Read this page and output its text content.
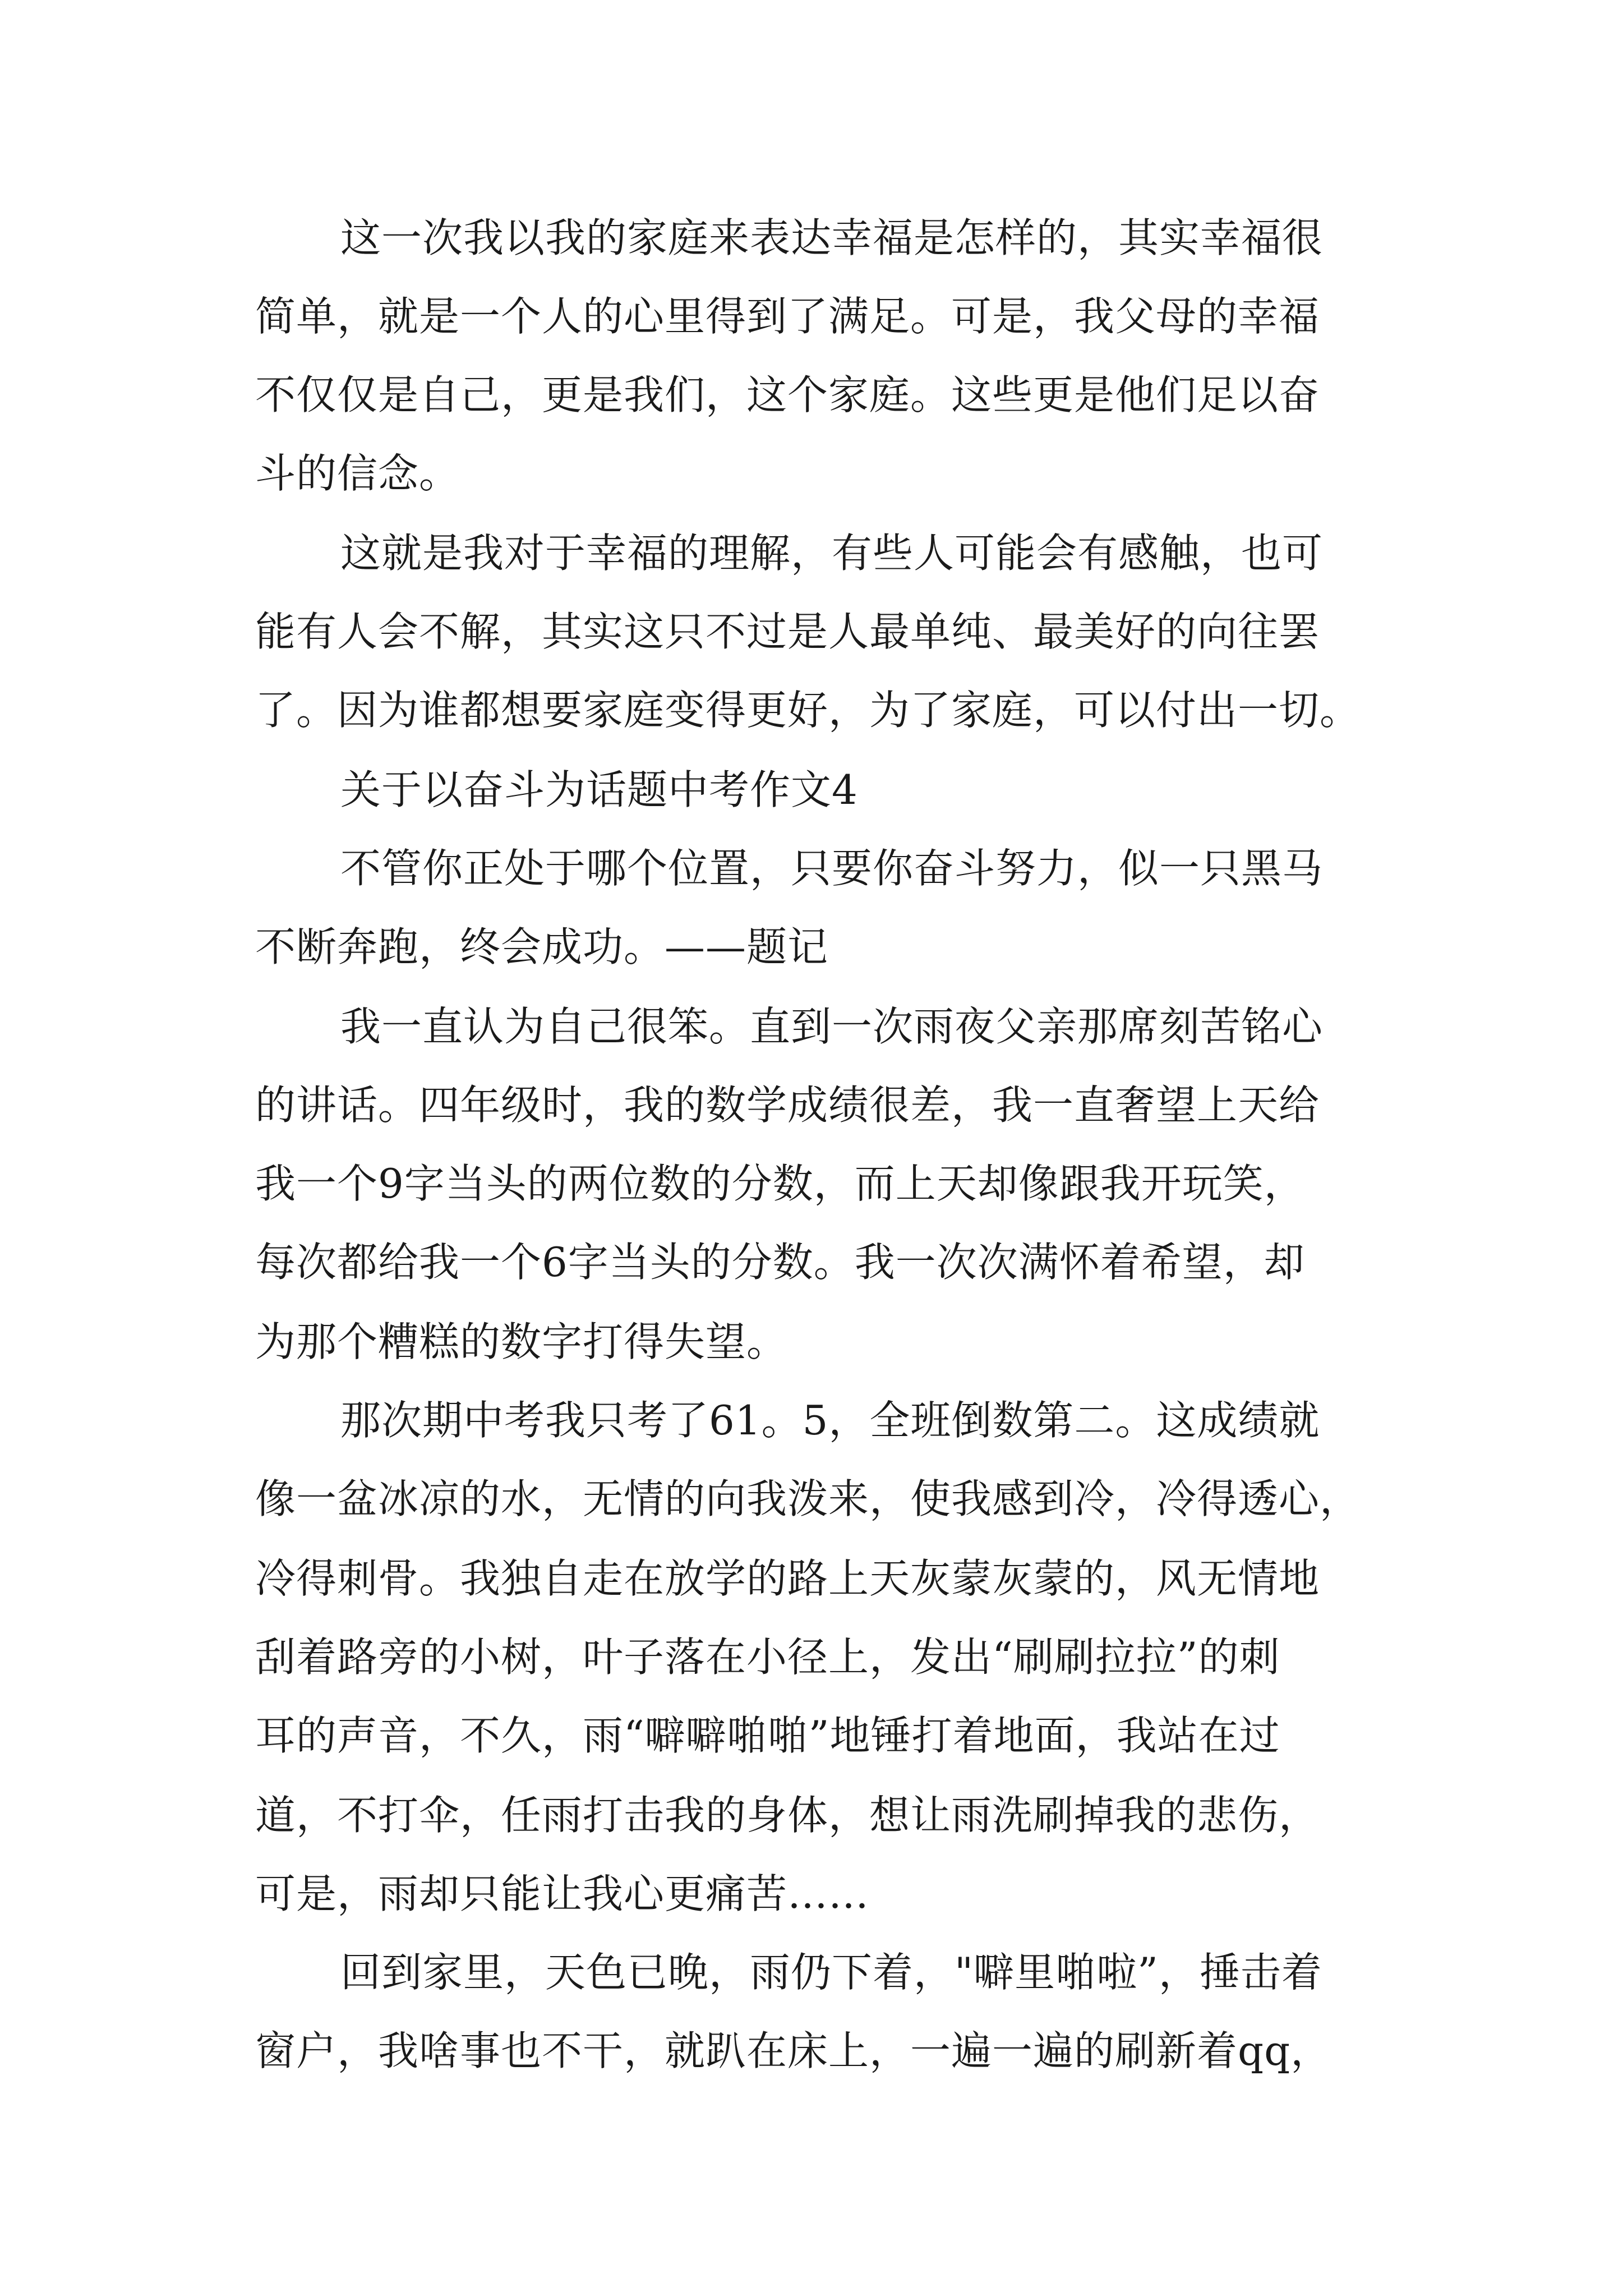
这一次我以我的家庭来表达幸福是怎样的，其实幸福很
简单，就是一个人的心里得到了满足。可是，我父母的幸福
不仅仅是自己，更是我们，这个家庭。这些更是他们足以奋
斗的信念。
这就是我对于幸福的理解，有些人可能会有感触，也可
能有人会不解，其实这只不过是人最单纯、最美好的向往罢
了。因为谁都想要家庭变得更好，为了家庭，可以付出一切。
关于以奋斗为话题中考作文4
不管你正处于哪个位置，只要你奋斗努力，似一只黑马
不断奔跑，终会成功。——题记
我一直认为自己很笨。直到一次雨夜父亲那席刻苦铭心
的讲话。四年级时，我的数学成绩很差，我一直奢望上天给
我一个9字当头的两位数的分数，而上天却像跟我开玩笑，
每次都给我一个6字当头的分数。我一次次满怀着希望，却
为那个糟糕的数字打得失望。
那次期中考我只考了61。5，全班倒数第二。这成绩就
像一盆冰凉的水，无情的向我泼来，使我感到冷，冷得透心，
冷得刺骨。我独自走在放学的路上天灰蒙灰蒙的，风无情地
刮着路旁的小树，叶子落在小径上，发出“刷刷拉拉”的刺
耳的声音，不久，雨“噼噼啪啪”地锤打着地面，我站在过
道，不打伞，任雨打击我的身体，想让雨洗刷掉我的悲伤，
可是，雨却只能让我心更痛苦……
回到家里，天色已晚，雨仍下着，"噼里啪啦”，捶击着
窗户，我啥事也不干，就趴在床上，一遍一遍的刷新着qq，
